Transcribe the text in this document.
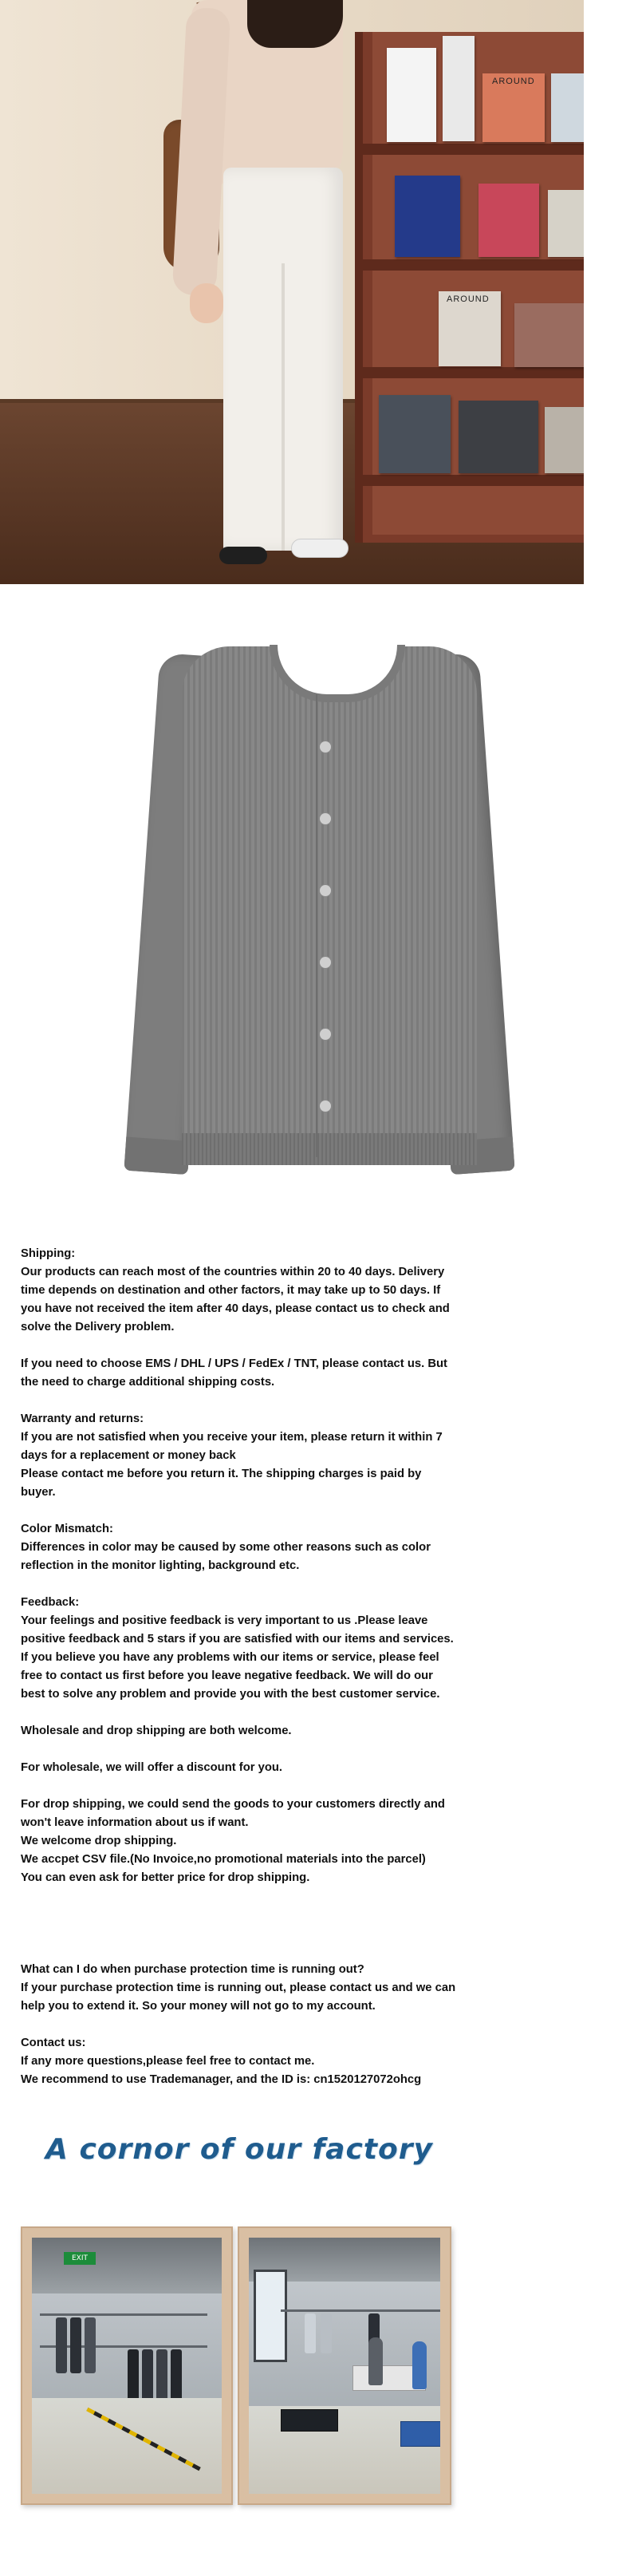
AROUND
AROUND

Shipping:
Our products can reach most of the countries within 20 to 40 days. Delivery
time depends on destination and other factors, it may take up to 50 days. If
you have not received the item after 40 days, please contact us to check and
solve the Delivery problem.

If you need to choose EMS / DHL / UPS / FedEx / TNT, please contact us. But
the need to charge additional shipping costs.

Warranty and returns:
If you are not satisfied when you receive your item, please return it within 7
days for a replacement or money back
Please contact me before you return it. The shipping charges is paid by
buyer.

Color Mismatch:
Differences in color may be caused by some other reasons such as color
reflection in the monitor lighting, background etc.

Feedback:
Your feelings and positive feedback is very important to us .Please leave
positive feedback and 5 stars if you are satisfied with our items and services.
If you believe you have any problems with our items or service, please feel
free to contact us first before you leave negative feedback. We will do our
best to solve any problem and provide you with the best customer service.

Wholesale and drop shipping are both welcome.

For wholesale, we will offer a discount for you.

For drop shipping, we could send the goods to your customers directly and
won't leave information about us if want.
We welcome drop shipping.
We accpet CSV file.(No Invoice,no promotional materials into the parcel)
You can even ask for better price for drop shipping.

What can I do when purchase protection time is running out?
If your purchase protection time is running out, please contact us and we can
help you to extend it. So your money will not go to my account.

Contact us:
If any more questions,please feel free to contact me.
We recommend to use Trademanager, and the ID is: cn1520127072ohcg

A cornor of our factory
EXIT
